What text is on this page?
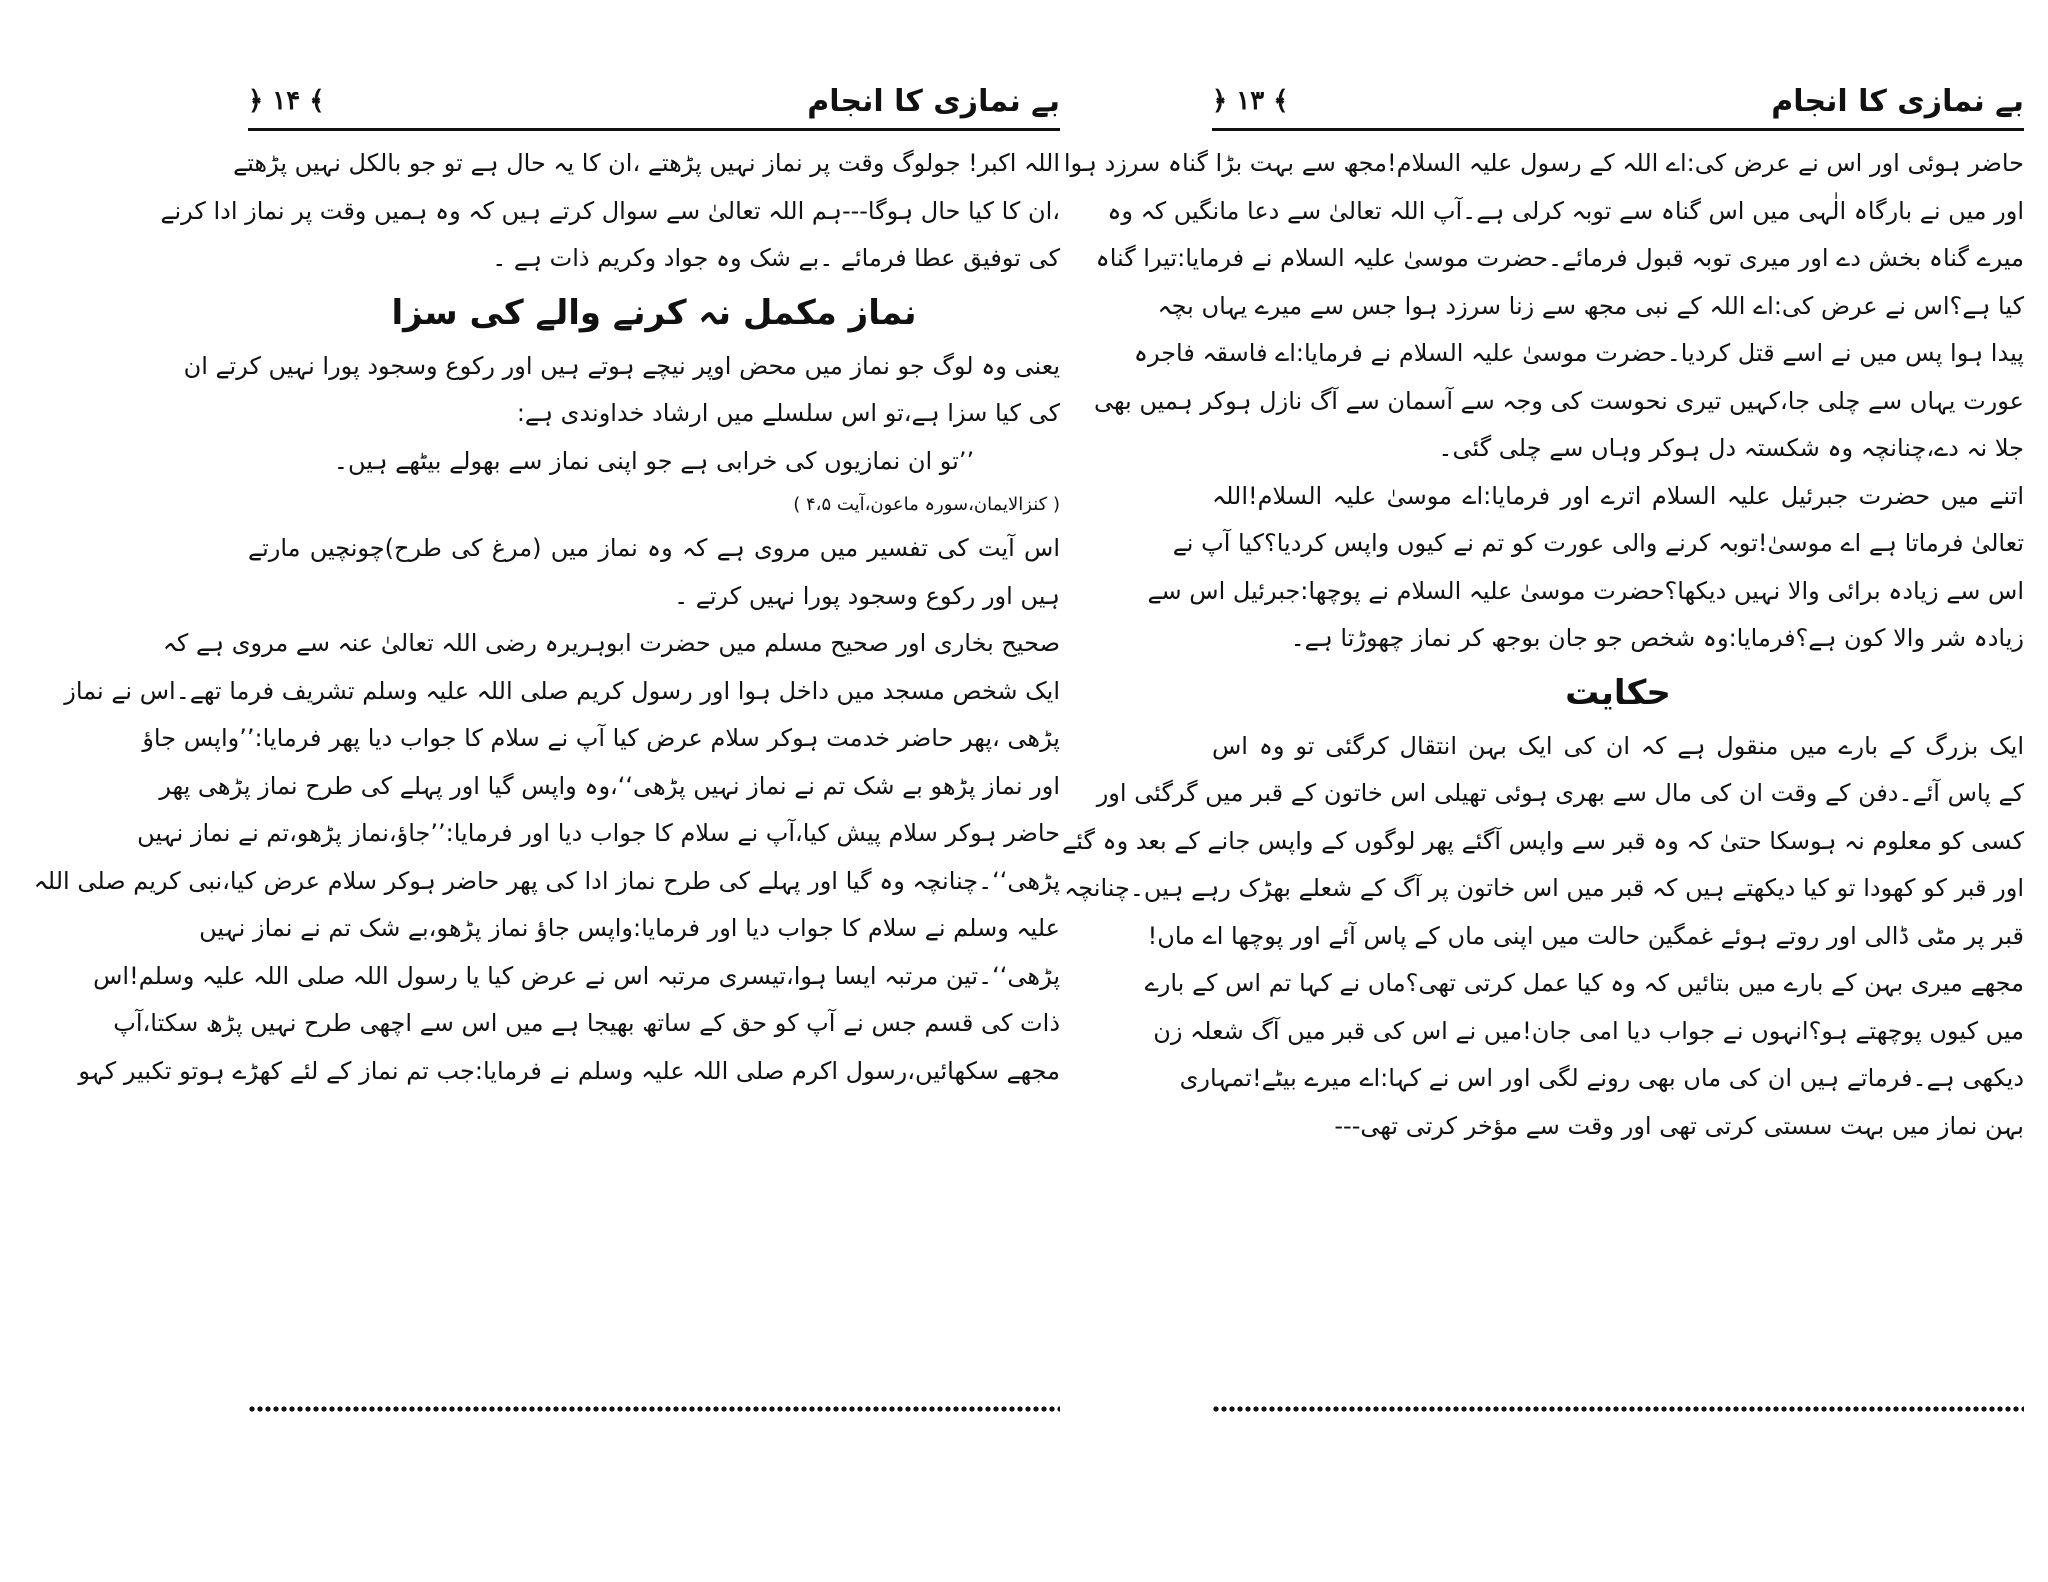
﴿ ۱۴ ﴾	بے نمازی کا انجام
اللہ اکبر! جولوگ وقت پر نماز نہیں پڑھتے ،ان کا یہ حال ہے تو جو بالکل نہیں پڑھتے
،ان کا کیا حال ہوگا---ہم اللہ تعالیٰ سے سوال کرتے ہیں کہ وہ ہمیں وقت پر نماز ادا کرنے
کی توفیق عطا فرمائے ۔بے شک وہ جواد وکریم ذات ہے ۔
نماز مکمل نہ کرنے والے کی سزا
یعنی وہ لوگ جو نماز میں محض اوپر نیچے ہوتے ہیں اور رکوع وسجود پورا نہیں کرتے ان
کی کیا سزا ہے،تو اس سلسلے میں ارشاد خداوندی ہے:
’’تو ان نمازیوں کی خرابی ہے جو اپنی نماز سے بھولے بیٹھے ہیں۔
( کنزالایمان،سورہ ماعون،آیت ۴،۵ )
اس آیت کی تفسیر میں مروی ہے کہ وہ نماز میں (مرغ کی طرح)چونچیں مارتے
ہیں اور رکوع وسجود پورا نہیں کرتے ۔
صحیح بخاری اور صحیح مسلم میں حضرت ابوہریرہ رضی اللہ تعالیٰ عنہ سے مروی ہے کہ
ایک شخص مسجد میں داخل ہوا اور رسول کریم صلی اللہ علیہ وسلم تشریف فرما تھے۔اس نے نماز
پڑھی ،پھر حاضر خدمت ہوکر سلام عرض کیا آپ نے سلام کا جواب دیا پھر فرمایا:’’واپس جاؤ
اور نماز پڑھو بے شک تم نے نماز نہیں پڑھی‘‘،وہ واپس گیا اور پہلے کی طرح نماز پڑھی پھر
حاضر ہوکر سلام پیش کیا،آپ نے سلام کا جواب دیا اور فرمایا:’’جاؤ،نماز پڑھو،تم نے نماز نہیں
پڑھی‘‘۔چنانچہ وہ گیا اور پہلے کی طرح نماز ادا کی پھر حاضر ہوکر سلام عرض کیا،نبی کریم صلی اللہ
علیہ وسلم نے سلام کا جواب دیا اور فرمایا:واپس جاؤ نماز پڑھو،بے شک تم نے نماز نہیں
پڑھی‘‘۔تین مرتبہ ایسا ہوا،تیسری مرتبہ اس نے عرض کیا یا رسول اللہ صلی اللہ علیہ وسلم!اس
ذات کی قسم جس نے آپ کو حق کے ساتھ بھیجا ہے میں اس سے اچھی طرح نہیں پڑھ سکتا،آپ
مجھے سکھائیں،رسول اکرم صلی اللہ علیہ وسلم نے فرمایا:جب تم نماز کے لئے کھڑے ہوتو تکبیر کہو
﴿ ۱۳ ﴾	بے نمازی کا انجام
حاضر ہوئی اور اس نے عرض کی:اے اللہ کے رسول علیہ السلام!مجھ سے بہت بڑا گناہ سرزد ہوا
اور میں نے بارگاہ الٰہی میں اس گناہ سے توبہ کرلی ہے۔آپ اللہ تعالیٰ سے دعا مانگیں کہ وہ
میرے گناہ بخش دے اور میری توبہ قبول فرمائے۔حضرت موسیٰ علیہ السلام نے فرمایا:تیرا گناہ
کیا ہے؟اس نے عرض کی:اے اللہ کے نبی مجھ سے زنا سرزد ہوا جس سے میرے یہاں بچہ
پیدا ہوا پس میں نے اسے قتل کردیا۔حضرت موسیٰ علیہ السلام نے فرمایا:اے فاسقہ فاجرہ
عورت یہاں سے چلی جا،کہیں تیری نحوست کی وجہ سے آسمان سے آگ نازل ہوکر ہمیں بھی
جلا نہ دے،چنانچہ وہ شکستہ دل ہوکر وہاں سے چلی گئی۔
اتنے میں حضرت جبرئیل علیہ السلام اترے اور فرمایا:اے موسیٰ علیہ السلام!اللہ
تعالیٰ فرماتا ہے اے موسیٰ!توبہ کرنے والی عورت کو تم نے کیوں واپس کردیا؟کیا آپ نے
اس سے زیادہ برائی والا نہیں دیکھا؟حضرت موسیٰ علیہ السلام نے پوچھا:جبرئیل اس سے
زیادہ شر والا کون ہے؟فرمایا:وہ شخص جو جان بوجھ کر نماز چھوڑتا ہے۔
حکایت
ایک بزرگ کے بارے میں منقول ہے کہ ان کی ایک بہن انتقال کرگئی تو وہ اس
کے پاس آئے۔دفن کے وقت ان کی مال سے بھری ہوئی تھیلی اس خاتون کے قبر میں گرگئی اور
کسی کو معلوم نہ ہوسکا حتیٰ کہ وہ قبر سے واپس آگئے پھر لوگوں کے واپس جانے کے بعد وہ گئے
اور قبر کو کھودا تو کیا دیکھتے ہیں کہ قبر میں اس خاتون پر آگ کے شعلے بھڑک رہے ہیں۔چنانچہ
قبر پر مٹی ڈالی اور روتے ہوئے غمگین حالت میں اپنی ماں کے پاس آئے اور پوچھا اے ماں!
مجھے میری بہن کے بارے میں بتائیں کہ وہ کیا عمل کرتی تھی؟ماں نے کہا تم اس کے بارے
میں کیوں پوچھتے ہو؟انہوں نے جواب دیا امی جان!میں نے اس کی قبر میں آگ شعلہ زن
دیکھی ہے۔فرماتے ہیں ان کی ماں بھی رونے لگی اور اس نے کہا:اے میرے بیٹے!تمہاری
بہن نماز میں بہت سستی کرتی تھی اور وقت سے مؤخر کرتی تھی---
